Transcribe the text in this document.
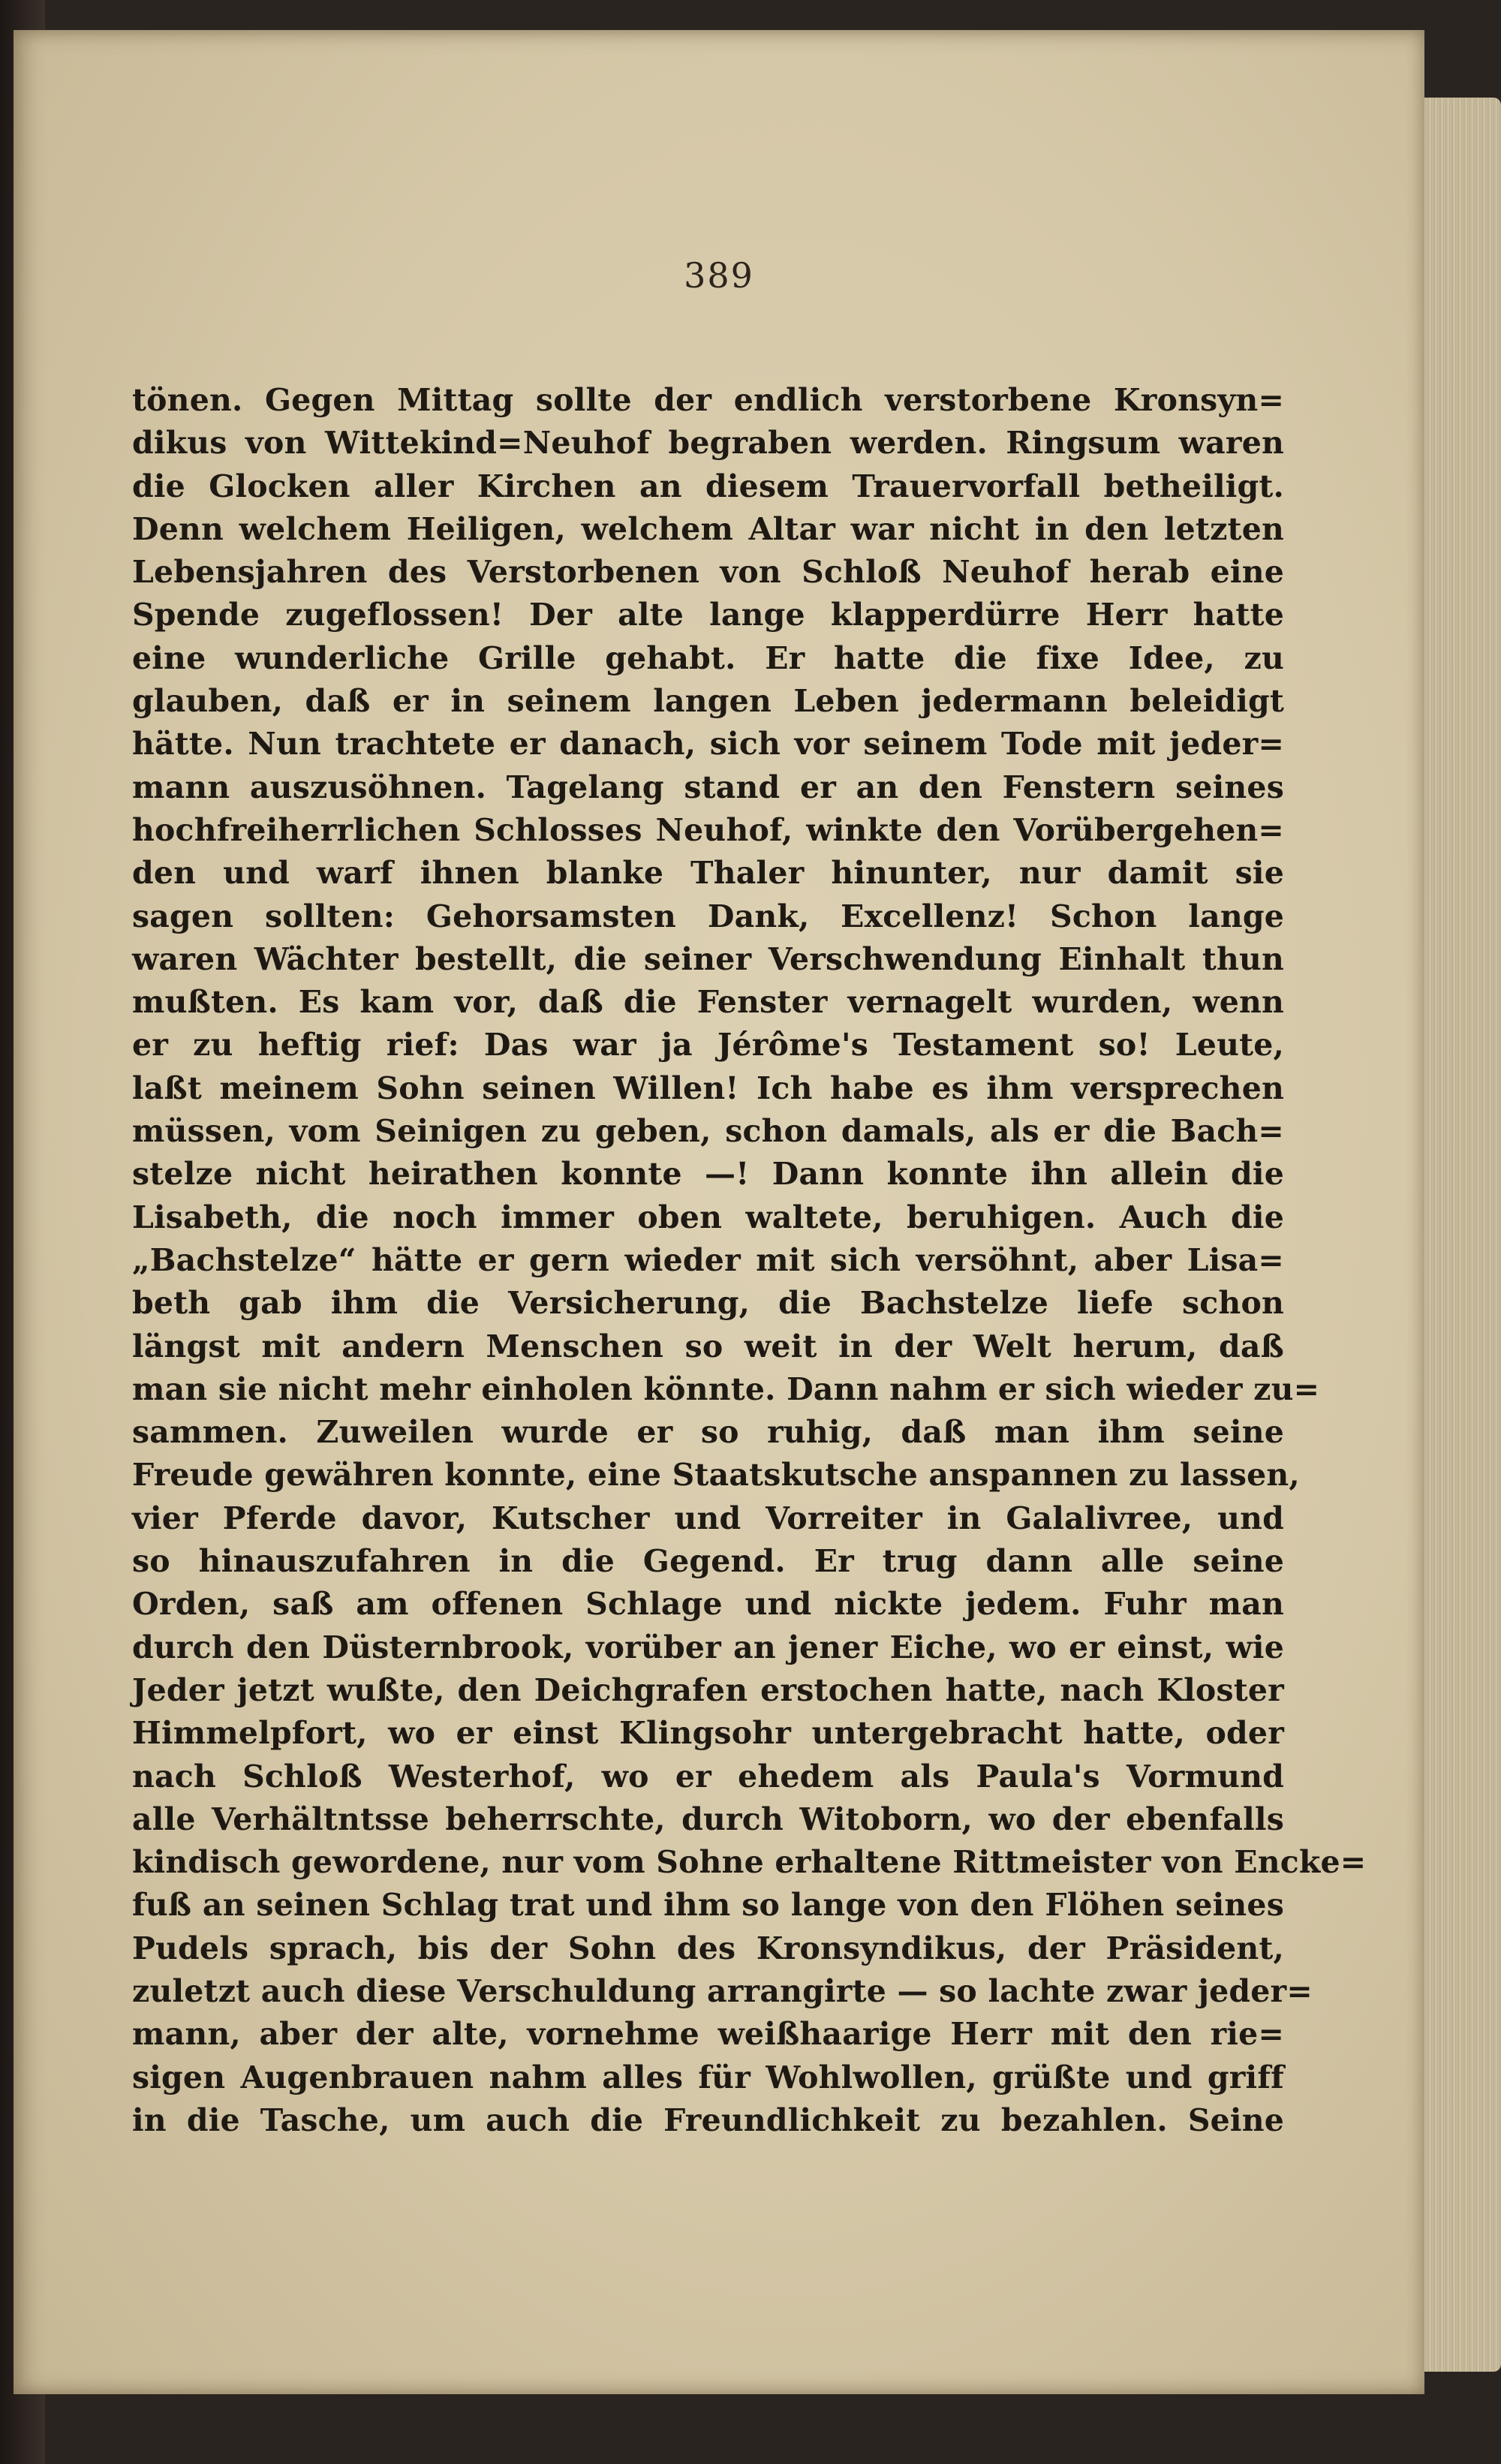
389

tönen. Gegen Mittag sollte der endlich verstorbene Kronsyn=
dikus von Wittekind=Neuhof begraben werden. Ringsum waren
die Glocken aller Kirchen an diesem Trauervorfall betheiligt.
Denn welchem Heiligen, welchem Altar war nicht in den letzten
Lebensjahren des Verstorbenen von Schloß Neuhof herab eine
Spende zugeflossen! Der alte lange klapperdürre Herr hatte
eine wunderliche Grille gehabt. Er hatte die fixe Idee, zu
glauben, daß er in seinem langen Leben jedermann beleidigt
hätte. Nun trachtete er danach, sich vor seinem Tode mit jeder=
mann auszusöhnen. Tagelang stand er an den Fenstern seines
hochfreiherrlichen Schlosses Neuhof, winkte den Vorübergehen=
den und warf ihnen blanke Thaler hinunter, nur damit sie
sagen sollten: Gehorsamsten Dank, Excellenz! Schon lange
waren Wächter bestellt, die seiner Verschwendung Einhalt thun
mußten. Es kam vor, daß die Fenster vernagelt wurden, wenn
er zu heftig rief: Das war ja Jérôme's Testament so! Leute,
laßt meinem Sohn seinen Willen! Ich habe es ihm versprechen
müssen, vom Seinigen zu geben, schon damals, als er die Bach=
stelze nicht heirathen konnte —! Dann konnte ihn allein die
Lisabeth, die noch immer oben waltete, beruhigen. Auch die
„Bachstelze“ hätte er gern wieder mit sich versöhnt, aber Lisa=
beth gab ihm die Versicherung, die Bachstelze liefe schon
längst mit andern Menschen so weit in der Welt herum, daß
man sie nicht mehr einholen könnte. Dann nahm er sich wieder zu=
sammen. Zuweilen wurde er so ruhig, daß man ihm seine
Freude gewähren konnte, eine Staatskutsche anspannen zu lassen,
vier Pferde davor, Kutscher und Vorreiter in Galalivree, und
so hinauszufahren in die Gegend. Er trug dann alle seine
Orden, saß am offenen Schlage und nickte jedem. Fuhr man
durch den Düsternbrook, vorüber an jener Eiche, wo er einst, wie
Jeder jetzt wußte, den Deichgrafen erstochen hatte, nach Kloster
Himmelpfort, wo er einst Klingsohr untergebracht hatte, oder
nach Schloß Westerhof, wo er ehedem als Paula's Vormund
alle Verhältntsse beherrschte, durch Witoborn, wo der ebenfalls
kindisch gewordene, nur vom Sohne erhaltene Rittmeister von Encke=
fuß an seinen Schlag trat und ihm so lange von den Flöhen seines
Pudels sprach, bis der Sohn des Kronsyndikus, der Präsident,
zuletzt auch diese Verschuldung arrangirte — so lachte zwar jeder=
mann, aber der alte, vornehme weißhaarige Herr mit den rie=
sigen Augenbrauen nahm alles für Wohlwollen, grüßte und griff
in die Tasche, um auch die Freundlichkeit zu bezahlen. Seine
